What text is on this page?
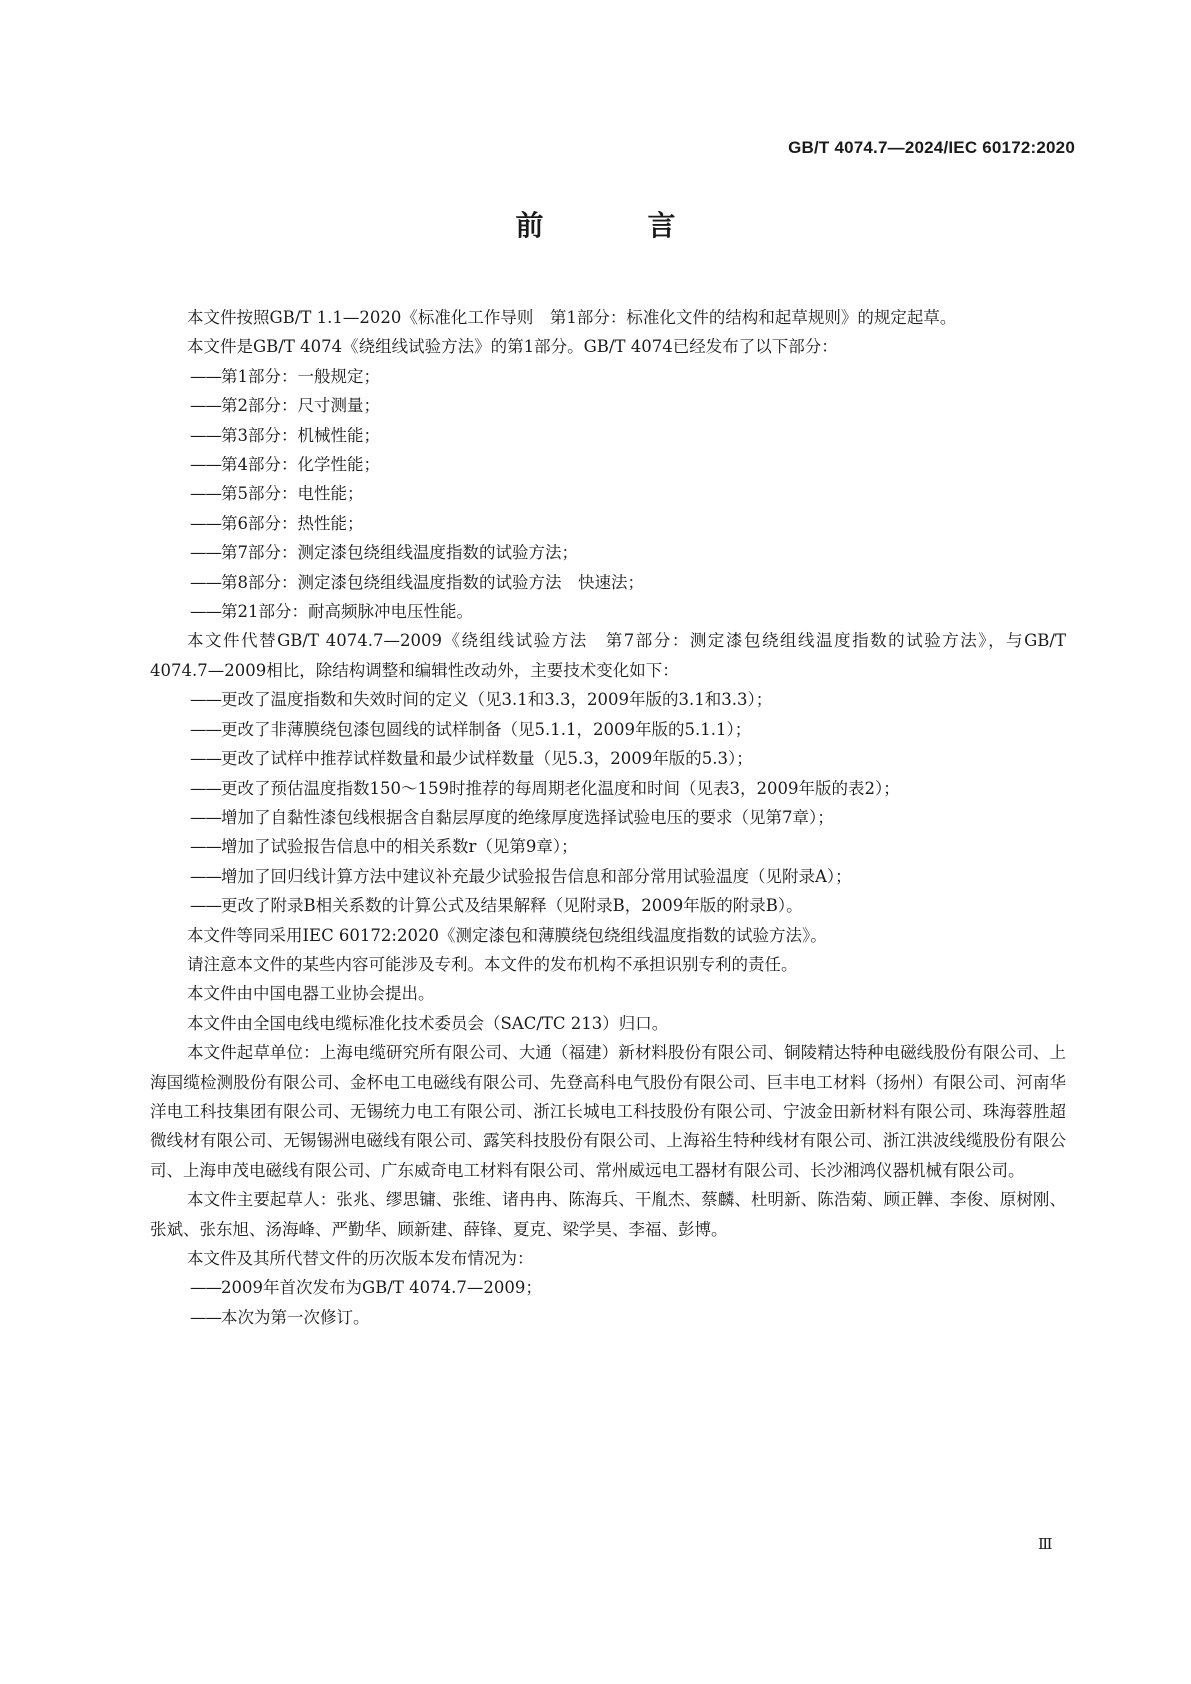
GB/T 4074.7—2024/IEC 60172:2020
前　言

本文件按照GB/T 1.1—2020《标准化工作导则　第1部分：标准化文件的结构和起草规则》的规定起草。

本文件是GB/T 4074《绕组线试验方法》的第1部分。GB/T 4074已经发布了以下部分：

——第1部分：一般规定；
——第2部分：尺寸测量；
——第3部分：机械性能；
——第4部分：化学性能；
——第5部分：电性能；
——第6部分：热性能；
——第7部分：测定漆包绕组线温度指数的试验方法；
——第8部分：测定漆包绕组线温度指数的试验方法　快速法；
——第21部分：耐高频脉冲电压性能。

本文件代替GB/T 4074.7—2009《绕组线试验方法　第7部分：测定漆包绕组线温度指数的试验方法》，与GB/T 4074.7—2009相比，除结构调整和编辑性改动外，主要技术变化如下：

——更改了温度指数和失效时间的定义（见3.1和3.3，2009年版的3.1和3.3）；
——更改了非薄膜绕包漆包圆线的试样制备（见5.1.1，2009年版的5.1.1）；
——更改了试样中推荐试样数量和最少试样数量（见5.3，2009年版的5.3）；
——更改了预估温度指数150～159时推荐的每周期老化温度和时间（见表3，2009年版的表2）；
——增加了自黏性漆包线根据含自黏层厚度的绝缘厚度选择试验电压的要求（见第7章）；
——增加了试验报告信息中的相关系数r（见第9章）；
——增加了回归线计算方法中建议补充最少试验报告信息和部分常用试验温度（见附录A）；
——更改了附录B相关系数的计算公式及结果解释（见附录B，2009年版的附录B）。

本文件等同采用IEC 60172:2020《测定漆包和薄膜绕包绕组线温度指数的试验方法》。

请注意本文件的某些内容可能涉及专利。本文件的发布机构不承担识别专利的责任。

本文件由中国电器工业协会提出。

本文件由全国电线电缆标准化技术委员会（SAC/TC 213）归口。

本文件起草单位：上海电缆研究所有限公司、大通（福建）新材料股份有限公司、铜陵精达特种电磁线股份有限公司、上海国缆检测股份有限公司、金杯电工电磁线有限公司、先登高科电气股份有限公司、巨丰电工材料（扬州）有限公司、河南华洋电工科技集团有限公司、无锡统力电工有限公司、浙江长城电工科技股份有限公司、宁波金田新材料有限公司、珠海蓉胜超微线材有限公司、无锡锡洲电磁线有限公司、露笑科技股份有限公司、上海裕生特种线材有限公司、浙江洪波线缆股份有限公司、上海申茂电磁线有限公司、广东威奇电工材料有限公司、常州威远电工器材有限公司、长沙湘鸿仪器机械有限公司。

本文件主要起草人：张兆、缪思镛、张维、诸冉冉、陈海兵、干胤杰、蔡麟、杜明新、陈浩菊、顾正韡、李俊、原树刚、张斌、张东旭、汤海峰、严勤华、顾新建、薛锋、夏克、梁学昊、李福、彭博。

本文件及其所代替文件的历次版本发布情况为：

——2009年首次发布为GB/T 4074.7—2009；
——本次为第一次修订。
Ⅲ
